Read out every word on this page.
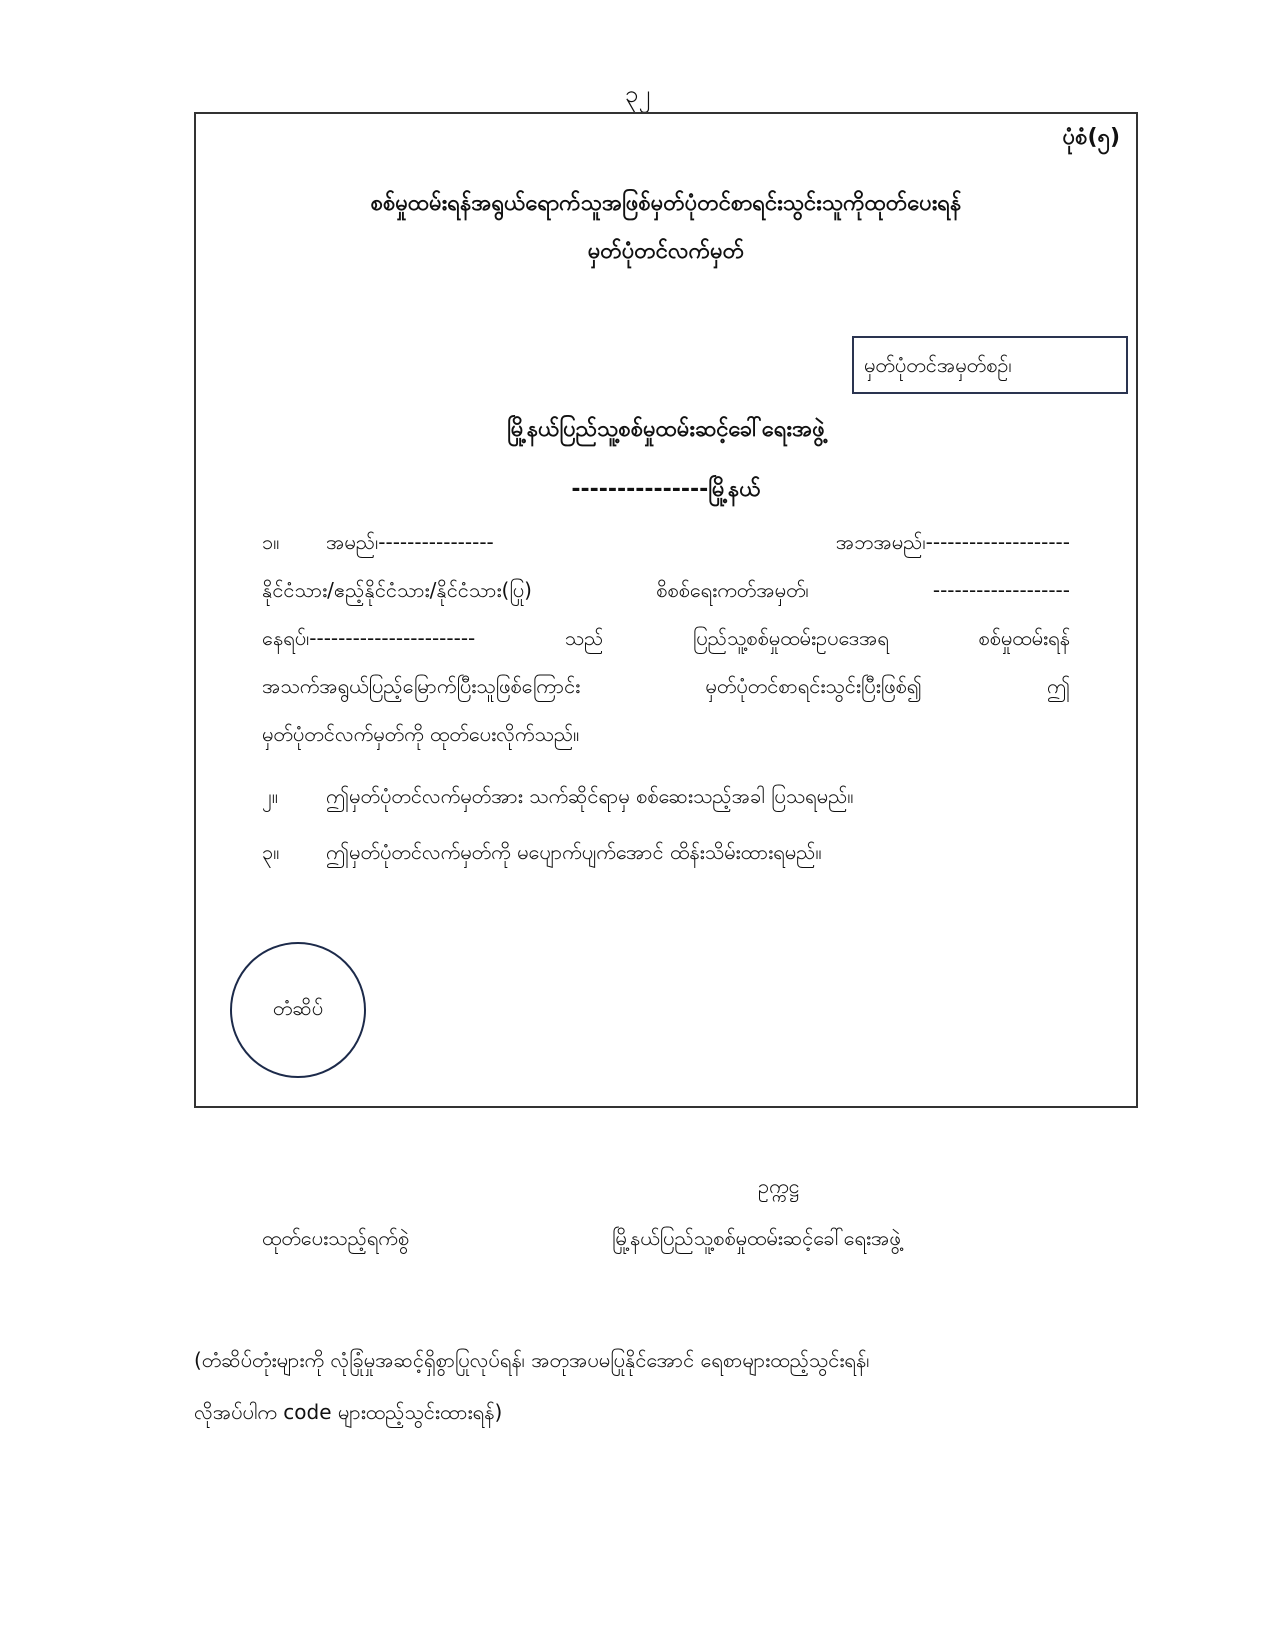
၃၂
ပုံစံ(၅)
စစ်မှုထမ်းရန်အရွယ်ရောက်သူအဖြစ်မှတ်ပုံတင်စာရင်းသွင်းသူကိုထုတ်ပေးရန်
မှတ်ပုံတင်လက်မှတ်
မှတ်ပုံတင်အမှတ်စဉ်၊
မြို့နယ်ပြည်သူ့စစ်မှုထမ်းဆင့်ခေါ်ရေးအဖွဲ့
---------------မြို့နယ်
၁။ အမည်၊----------------	အဘအမည်၊--------------------
နိုင်ငံသား/ဧည့်နိုင်ငံသား/နိုင်ငံသား(ပြု)	စိစစ်ရေးကတ်အမှတ်၊	-------------------
နေရပ်၊-----------------------	သည်	ပြည်သူ့စစ်မှုထမ်းဥပဒေအရ	စစ်မှုထမ်းရန်
အသက်အရွယ်ပြည့်မြောက်ပြီးသူဖြစ်ကြောင်း	မှတ်ပုံတင်စာရင်းသွင်းပြီးဖြစ်၍	ဤ
မှတ်ပုံတင်လက်မှတ်ကို ထုတ်ပေးလိုက်သည်။
၂။ ဤမှတ်ပုံတင်လက်မှတ်အား သက်ဆိုင်ရာမှ စစ်ဆေးသည့်အခါ ပြသရမည်။
၃။ ဤမှတ်ပုံတင်လက်မှတ်ကို မပျောက်ပျက်အောင် ထိန်းသိမ်းထားရမည်။
တံဆိပ်
ဥက္ကဋ္ဌ
ထုတ်ပေးသည့်ရက်စွဲ	မြို့နယ်ပြည်သူ့စစ်မှုထမ်းဆင့်ခေါ်ရေးအဖွဲ့
(တံဆိပ်တုံးများကို လုံခြုံမှုအဆင့်ရှိစွာပြုလုပ်ရန်၊ အတုအပမပြုနိုင်အောင် ရေစာများထည့်သွင်းရန်၊
လိုအပ်ပါက code များထည့်သွင်းထားရန်)
